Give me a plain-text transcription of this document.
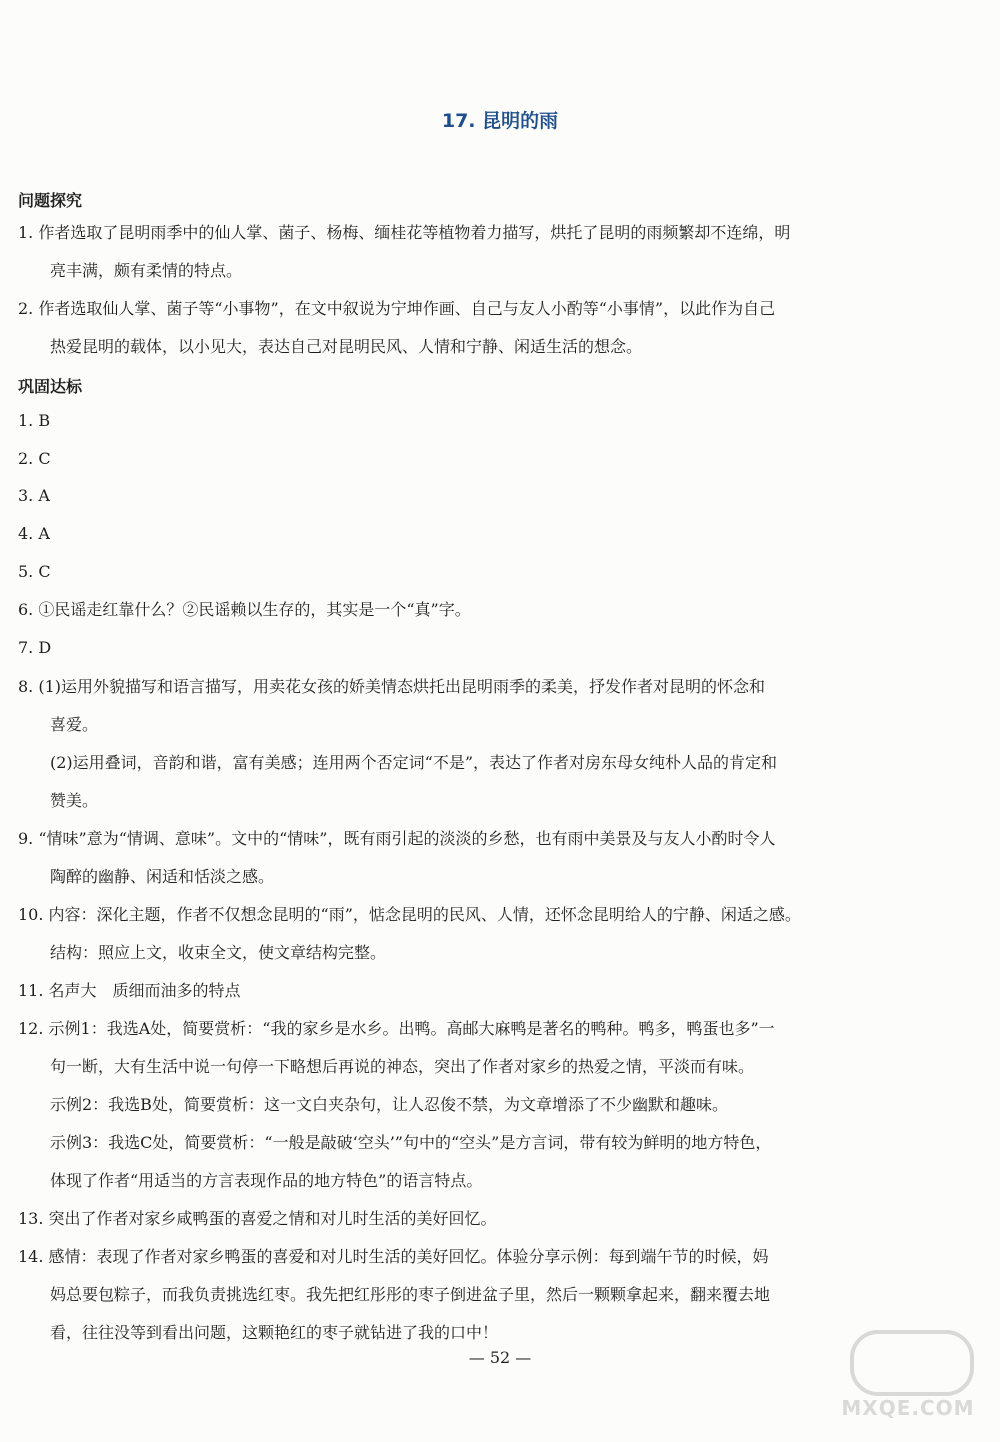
17. 昆明的雨
问题探究
1. 作者选取了昆明雨季中的仙人掌、菌子、杨梅、缅桂花等植物着力描写，烘托了昆明的雨频繁却不连绵，明
亮丰满，颇有柔情的特点。
2. 作者选取仙人掌、菌子等“小事物”，在文中叙说为宁坤作画、自己与友人小酌等“小事情”，以此作为自己
热爱昆明的载体，以小见大，表达自己对昆明民风、人情和宁静、闲适生活的想念。
巩固达标
1. B
2. C
3. A
4. A
5. C
6. ①民谣走红靠什么？②民谣赖以生存的，其实是一个“真”字。
7. D
8. (1)运用外貌描写和语言描写，用卖花女孩的娇美情态烘托出昆明雨季的柔美，抒发作者对昆明的怀念和
喜爱。
(2)运用叠词，音韵和谐，富有美感；连用两个否定词“不是”，表达了作者对房东母女纯朴人品的肯定和
赞美。
9. “情味”意为“情调、意味”。文中的“情味”，既有雨引起的淡淡的乡愁，也有雨中美景及与友人小酌时令人
陶醉的幽静、闲适和恬淡之感。
10. 内容：深化主题，作者不仅想念昆明的“雨”，惦念昆明的民风、人情，还怀念昆明给人的宁静、闲适之感。
结构：照应上文，收束全文，使文章结构完整。
11. 名声大　质细而油多的特点
12. 示例1：我选A处，简要赏析：“我的家乡是水乡。出鸭。高邮大麻鸭是著名的鸭种。鸭多，鸭蛋也多”一
句一断，大有生活中说一句停一下略想后再说的神态，突出了作者对家乡的热爱之情，平淡而有味。
示例2：我选B处，简要赏析：这一文白夹杂句，让人忍俊不禁，为文章增添了不少幽默和趣味。
示例3：我选C处，简要赏析：“一般是敲破‘空头’”句中的“空头”是方言词，带有较为鲜明的地方特色，
体现了作者“用适当的方言表现作品的地方特色”的语言特点。
13. 突出了作者对家乡咸鸭蛋的喜爱之情和对儿时生活的美好回忆。
14. 感情：表现了作者对家乡鸭蛋的喜爱和对儿时生活的美好回忆。体验分享示例：每到端午节的时候，妈
妈总要包粽子，而我负责挑选红枣。我先把红彤彤的枣子倒进盆子里，然后一颗颗拿起来，翻来覆去地
看，往往没等到看出问题，这颗艳红的枣子就钻进了我的口中！
— 52 —
MXQE.COM
